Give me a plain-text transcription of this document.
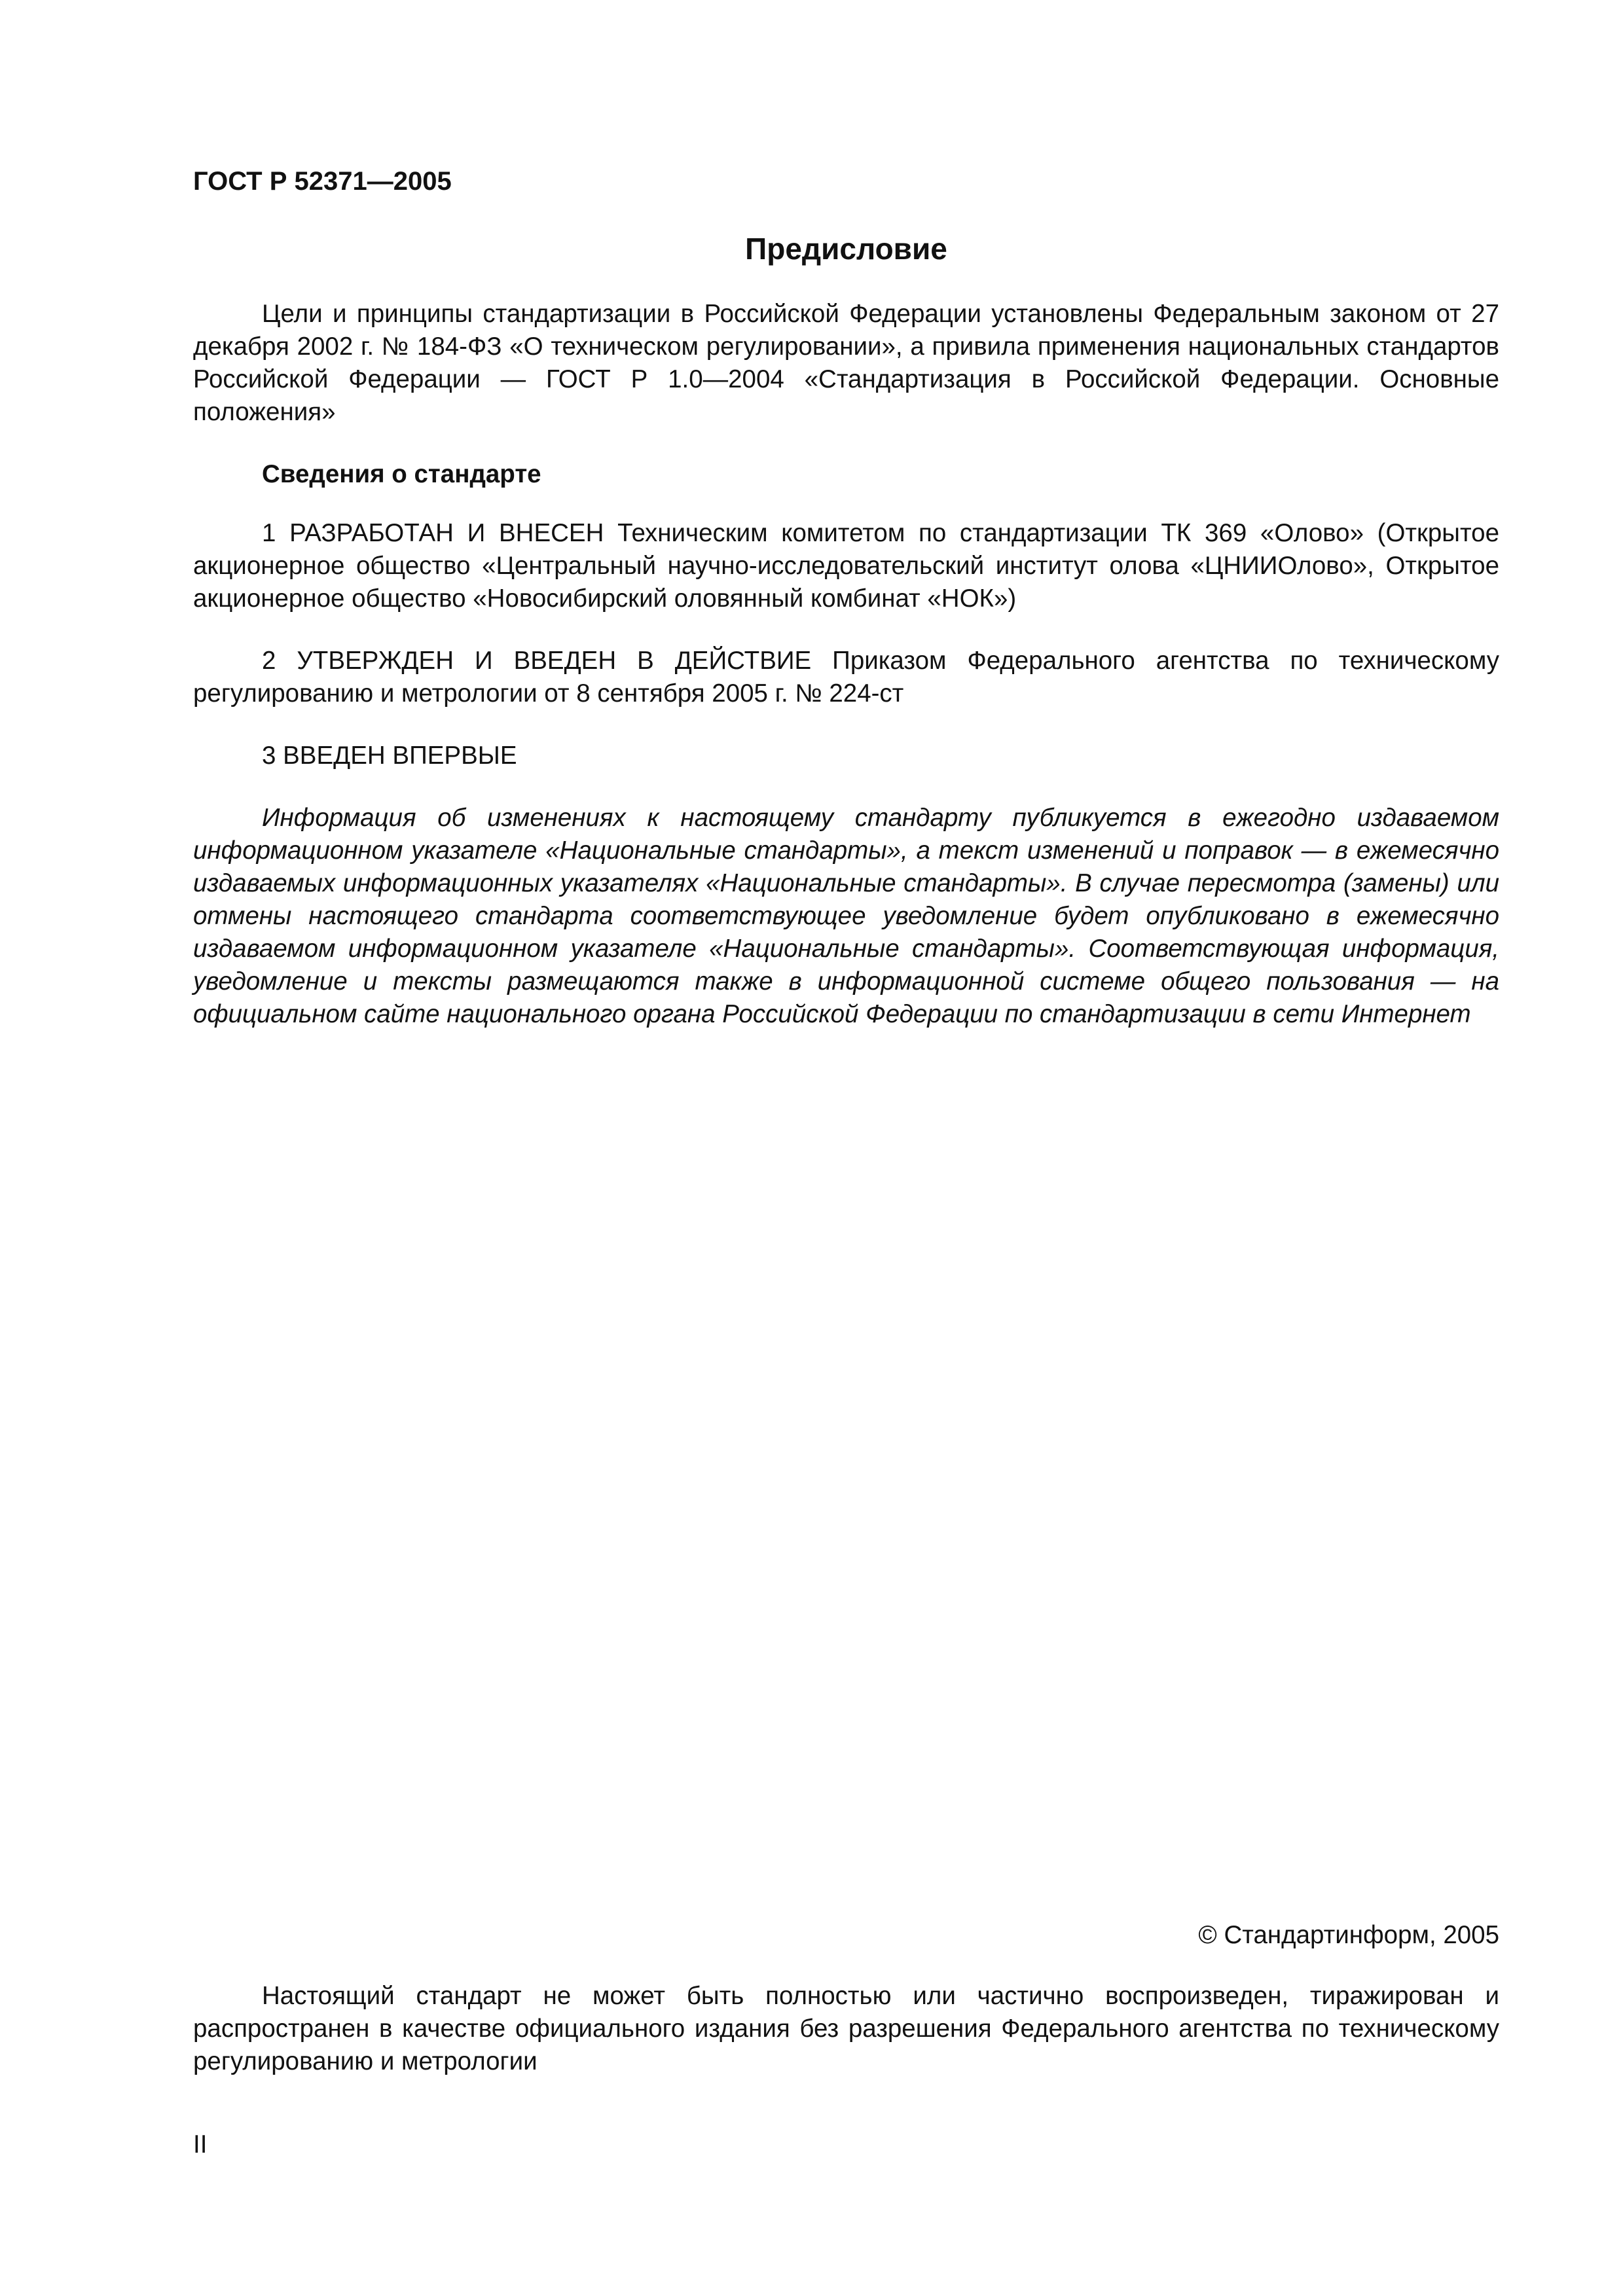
ГОСТ Р 52371—2005

Предисловие

Цели и принципы стандартизации в Российской Федерации установлены Федеральным законом от 27 декабря 2002 г. № 184-ФЗ «О техническом регулировании», а привила применения национальных стандартов Российской Федерации — ГОСТ Р 1.0—2004 «Стандартизация в Российской Федерации. Основные положения»

Сведения о стандарте

1 РАЗРАБОТАН И ВНЕСЕН Техническим комитетом по стандартизации ТК 369 «Олово» (Открытое акционерное общество «Центральный научно-исследовательский институт олова «ЦНИИОлово», Открытое акционерное общество «Новосибирский оловянный комбинат «НОК»)

2 УТВЕРЖДЕН И ВВЕДЕН В ДЕЙСТВИЕ Приказом Федерального агентства по техническому регулированию и метрологии от 8 сентября 2005 г. № 224-ст

3 ВВЕДЕН ВПЕРВЫЕ

Информация об изменениях к настоящему стандарту публикуется в ежегодно издаваемом информационном указателе «Национальные стандарты», а текст изменений и поправок — в ежемесячно издаваемых информационных указателях «Национальные стандарты». В случае пересмотра (замены) или отмены настоящего стандарта соответствующее уведомление будет опубликовано в ежемесячно издаваемом информационном указателе «Национальные стандарты». Соответствующая информация, уведомление и тексты размещаются также в информационной системе общего пользования — на официальном сайте национального органа Российской Федерации по стандартизации в сети Интернет

© Стандартинформ, 2005

Настоящий стандарт не может быть полностью или частично воспроизведен, тиражирован и распространен в качестве официального издания без разрешения Федерального агентства по техническому регулированию и метрологии

II
